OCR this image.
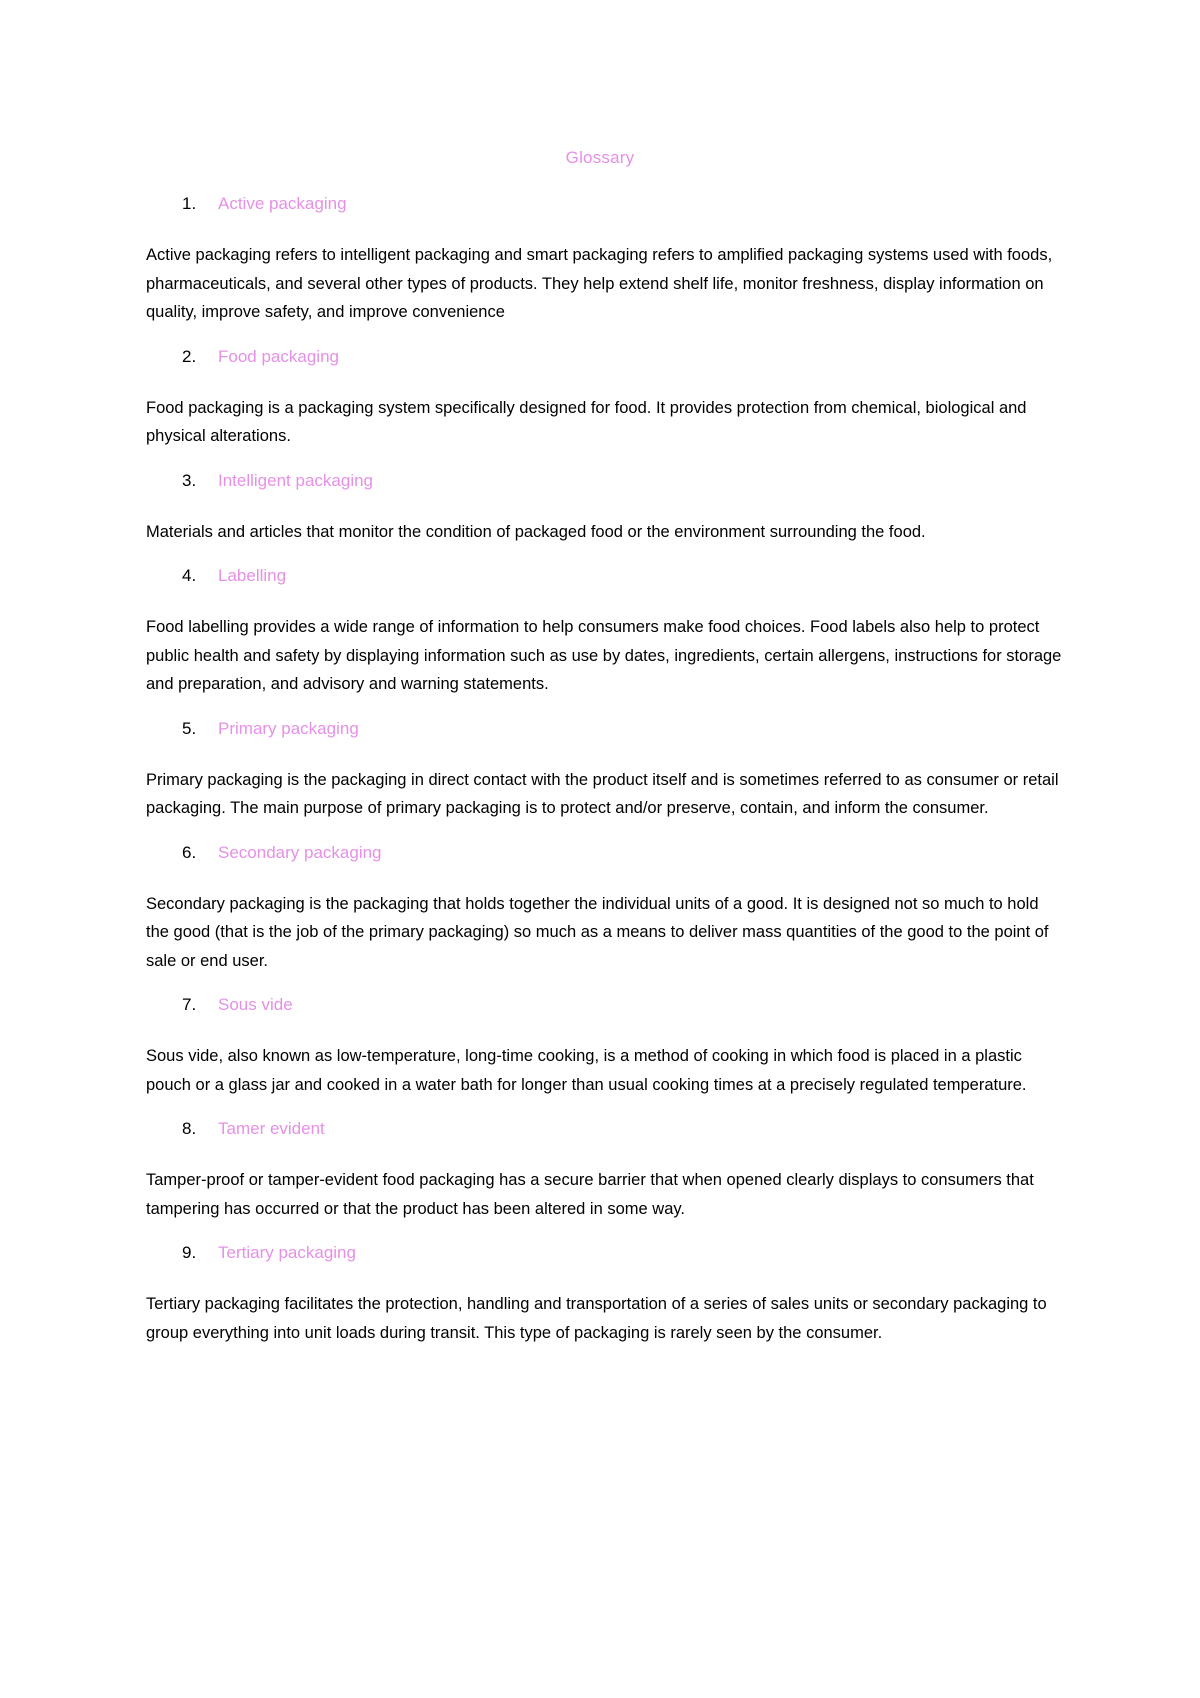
Glossary
1.	Active packaging

Active packaging refers to intelligent packaging and smart packaging refers to amplified packaging systems used with foods, pharmaceuticals, and several other types of products. They help extend shelf life, monitor freshness, display information on quality, improve safety, and improve convenience

2.	Food packaging

Food packaging is a packaging system specifically designed for food. It provides protection from chemical, biological and physical alterations.

3.	Intelligent packaging

Materials and articles that monitor the condition of packaged food or the environment surrounding the food.

4.	Labelling

Food labelling provides a wide range of information to help consumers make food choices. Food labels also help to protect public health and safety by displaying information such as use by dates, ingredients, certain allergens, instructions for storage and preparation, and advisory and warning statements.

5.	Primary packaging

Primary packaging is the packaging in direct contact with the product itself and is sometimes referred to as consumer or retail packaging. The main purpose of primary packaging is to protect and/or preserve, contain, and inform the consumer.

6.	Secondary packaging

Secondary packaging is the packaging that holds together the individual units of a good. It is designed not so much to hold the good (that is the job of the primary packaging) so much as a means to deliver mass quantities of the good to the point of sale or end user.

7.	Sous vide

Sous vide, also known as low-temperature, long-time cooking, is a method of cooking in which food is placed in a plastic pouch or a glass jar and cooked in a water bath for longer than usual cooking times at a precisely regulated temperature.

8.	Tamer evident

Tamper-proof or tamper-evident food packaging has a secure barrier that when opened clearly displays to consumers that tampering has occurred or that the product has been altered in some way.

9.	Tertiary packaging

Tertiary packaging facilitates the protection, handling and transportation of a series of sales units or secondary packaging to group everything into unit loads during transit. This type of packaging is rarely seen by the consumer.
